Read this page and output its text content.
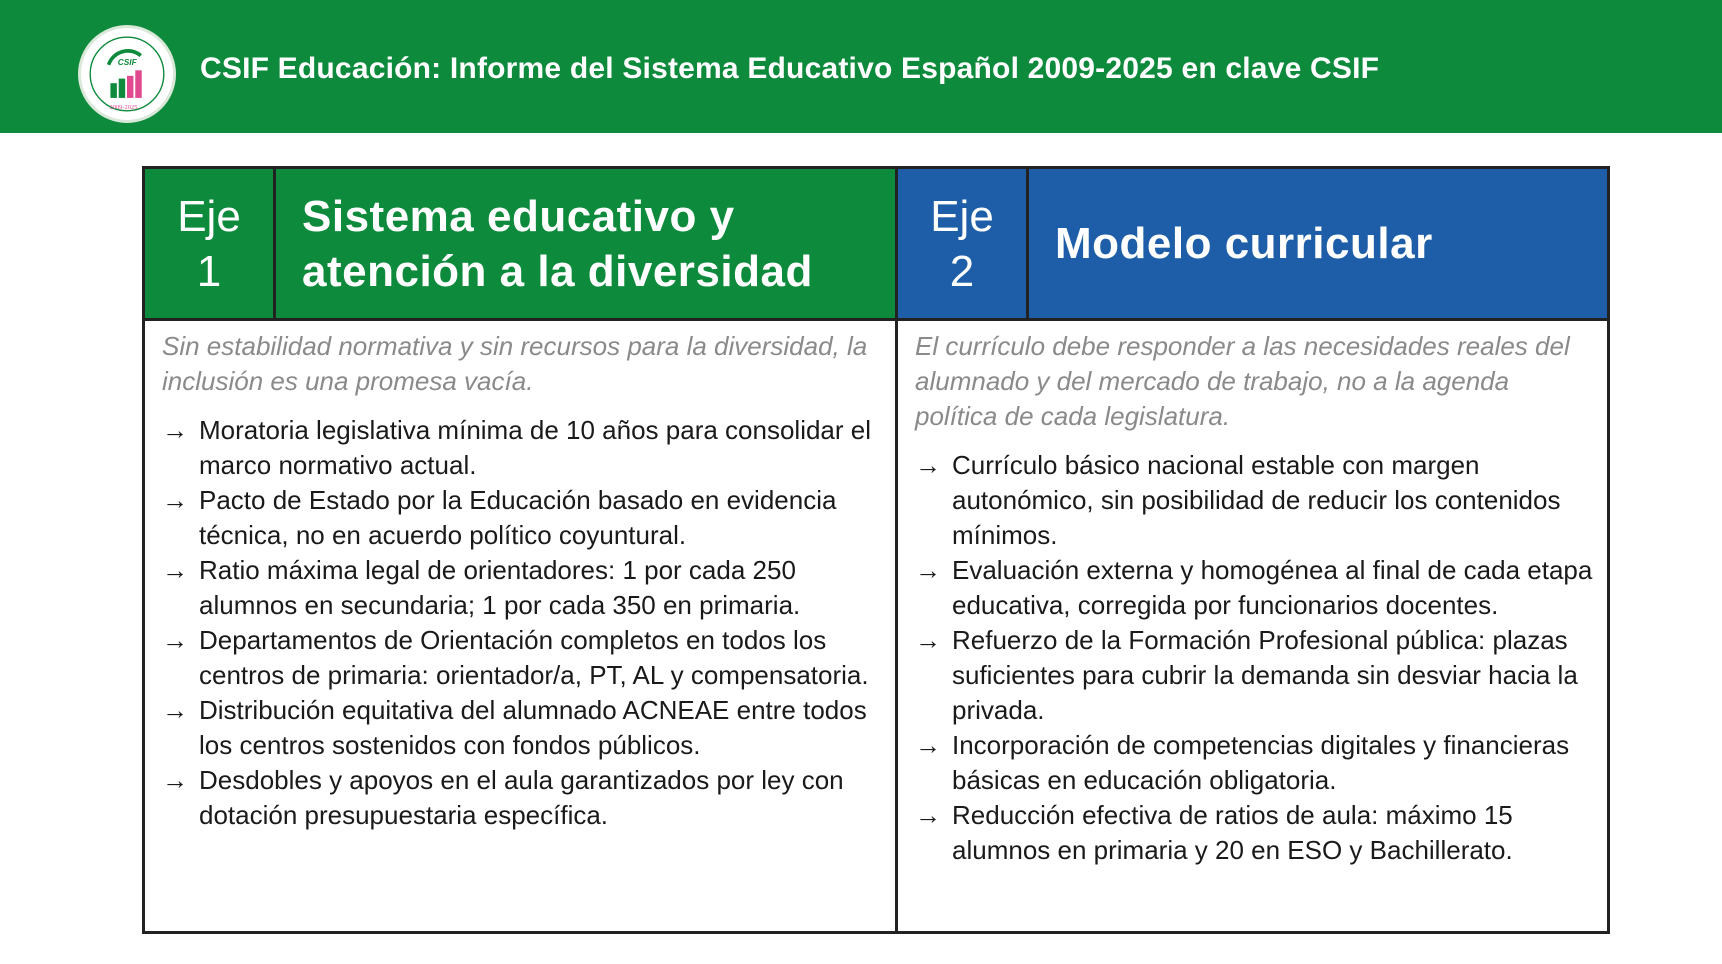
CSIF
2009-2025
CSIF Educación: Informe del Sistema Educativo Español 2009-2025 en clave CSIF
Eje
1
Sistema educativo y
atención a la diversidad
Sin estabilidad normativa y sin recursos para la diversidad, la inclusión es una promesa vacía.
→ Moratoria legislativa mínima de 10 años para consolidar el marco normativo actual.
→ Pacto de Estado por la Educación basado en evidencia técnica, no en acuerdo político coyuntural.
→ Ratio máxima legal de orientadores: 1 por cada 250 alumnos en secundaria; 1 por cada 350 en primaria.
→ Departamentos de Orientación completos en todos los centros de primaria: orientador/a, PT, AL y compensatoria.
→ Distribución equitativa del alumnado ACNEAE entre todos los centros sostenidos con fondos públicos.
→ Desdobles y apoyos en el aula garantizados por ley con dotación presupuestaria específica.
Eje
2
Modelo curricular
El currículo debe responder a las necesidades reales del alumnado y del mercado de trabajo, no a la agenda política de cada legislatura.
→ Currículo básico nacional estable con margen autonómico, sin posibilidad de reducir los contenidos mínimos.
→ Evaluación externa y homogénea al final de cada etapa educativa, corregida por funcionarios docentes.
→ Refuerzo de la Formación Profesional pública: plazas suficientes para cubrir la demanda sin desviar hacia la privada.
→ Incorporación de competencias digitales y financieras básicas en educación obligatoria.
→ Reducción efectiva de ratios de aula: máximo 15 alumnos en primaria y 20 en ESO y Bachillerato.
